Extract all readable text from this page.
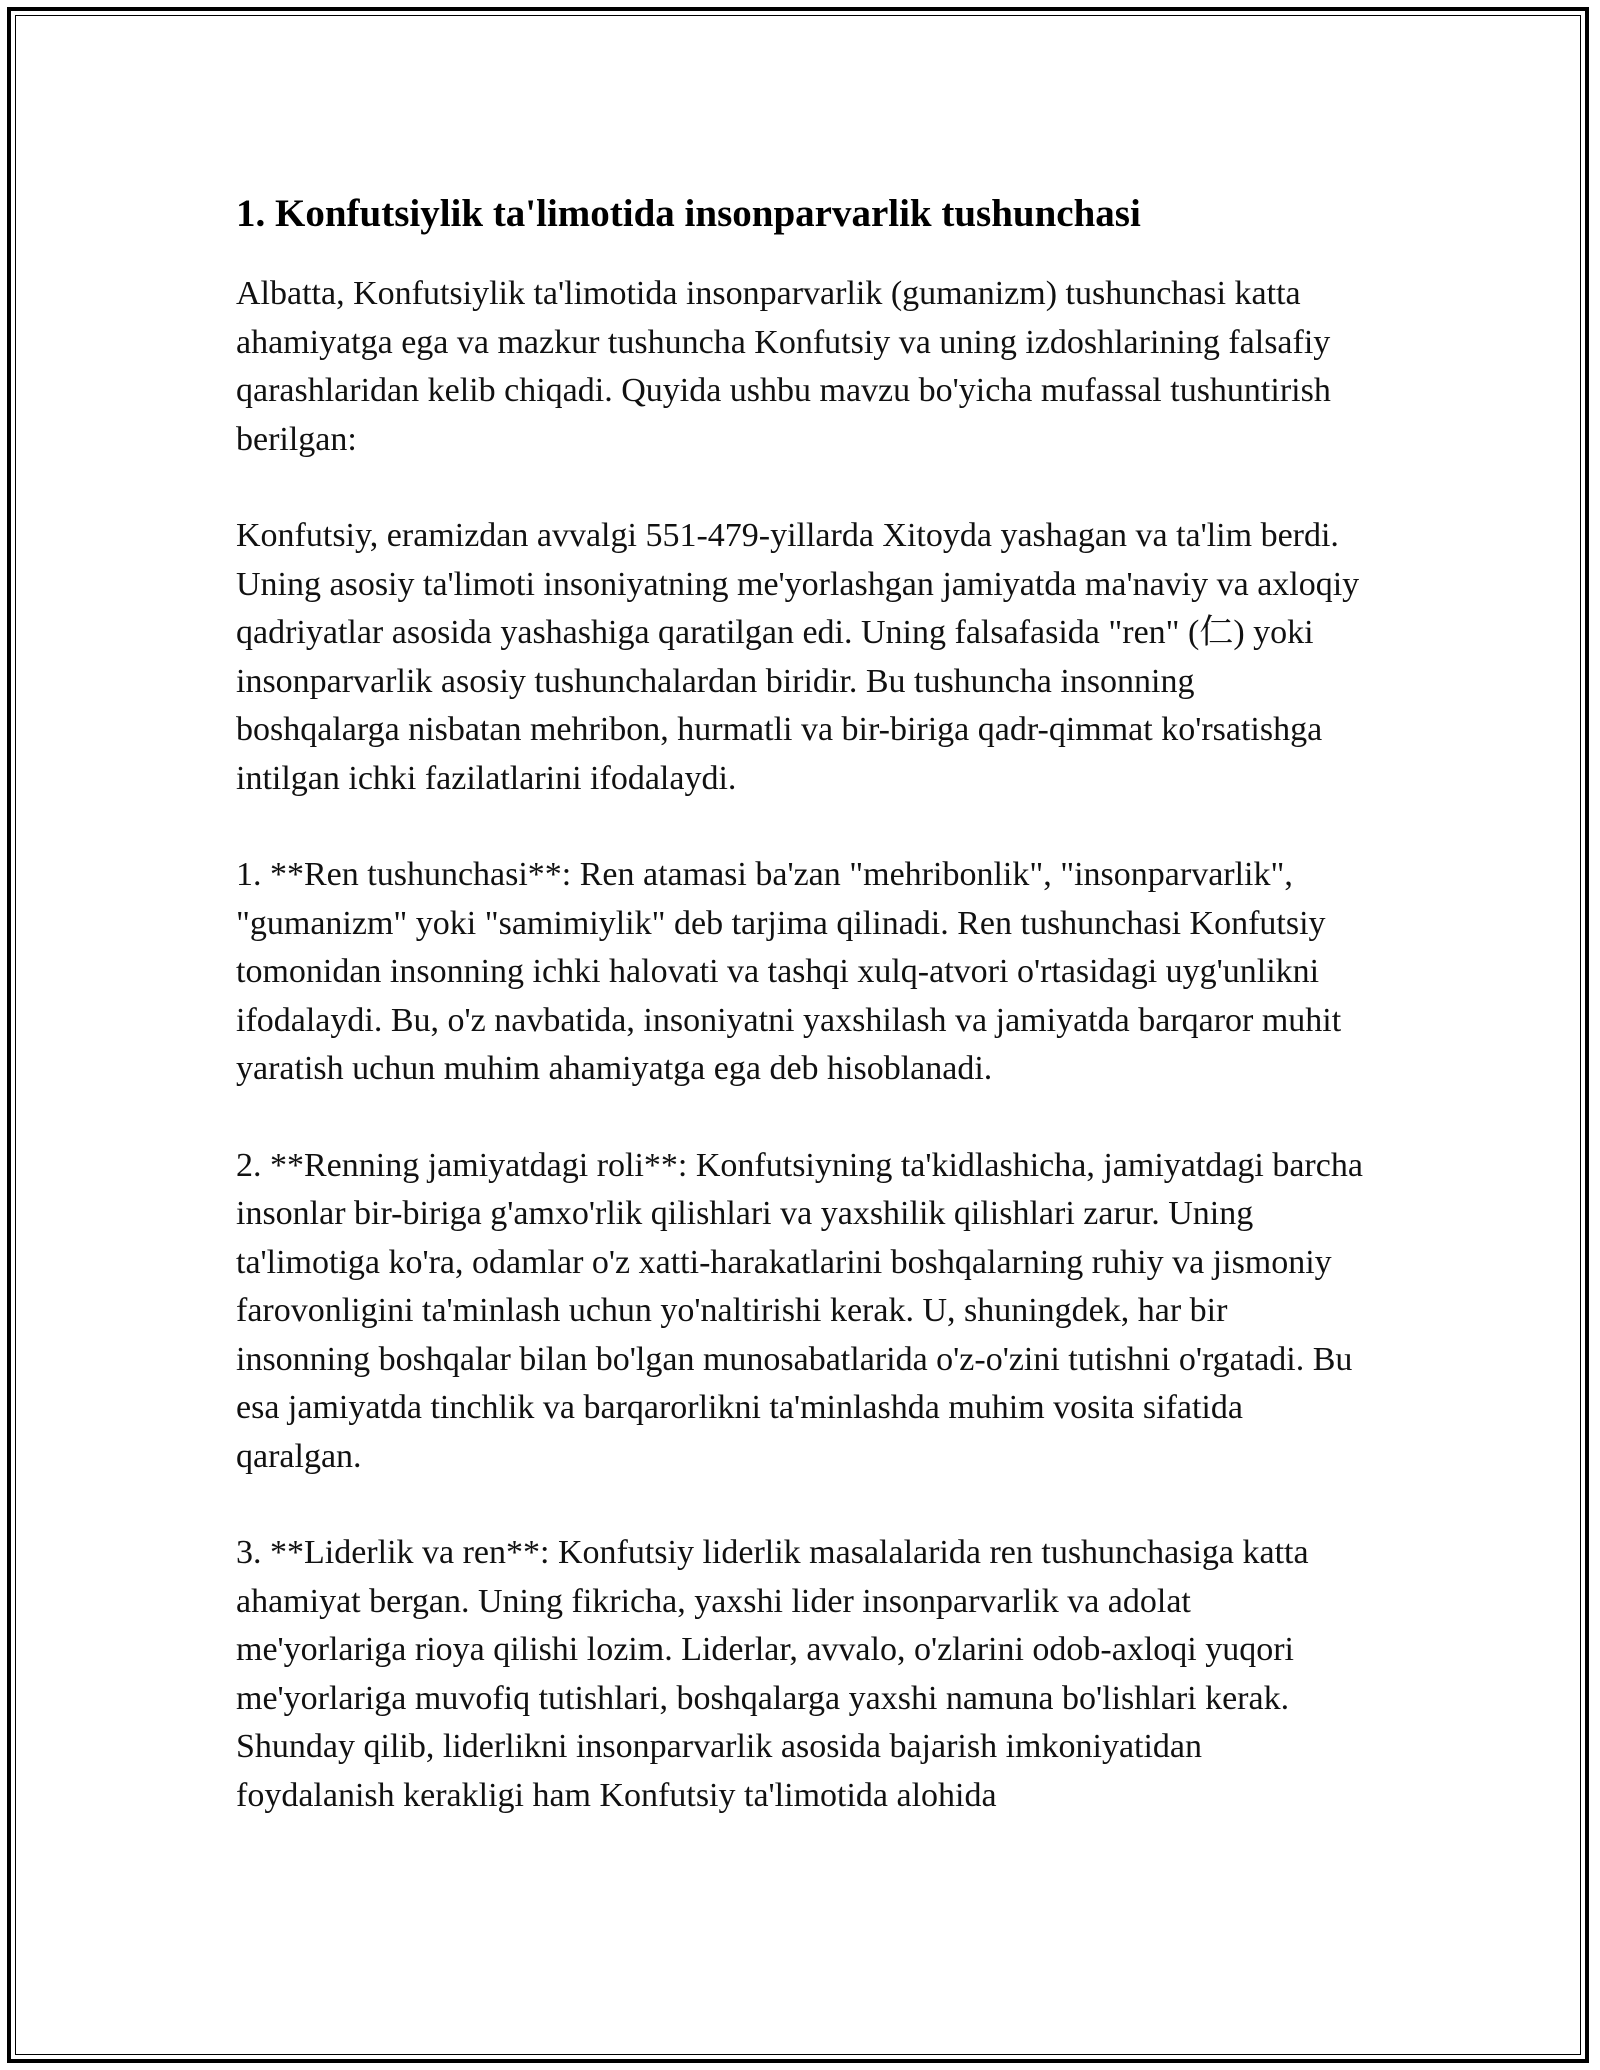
1. Konfutsiylik ta'limotida insonparvarlik tushunchasi

Albatta, Konfutsiylik ta'limotida insonparvarlik (gumanizm) tushunchasi katta ahamiyatga ega va mazkur tushuncha Konfutsiy va uning izdoshlarining falsafiy qarashlaridan kelib chiqadi. Quyida ushbu mavzu bo'yicha mufassal tushuntirish berilgan:

Konfutsiy, eramizdan avvalgi 551-479-yillarda Xitoyda yashagan va ta'lim berdi. Uning asosiy ta'limoti insoniyatning me'yorlashgan jamiyatda ma'naviy va axloqiy qadriyatlar asosida yashashiga qaratilgan edi. Uning falsafasida "ren" (仁) yoki insonparvarlik asosiy tushunchalardan biridir. Bu tushuncha insonning boshqalarga nisbatan mehribon, hurmatli va bir-biriga qadr-qimmat ko'rsatishga intilgan ichki fazilatlarini ifodalaydi.

1. **Ren tushunchasi**: Ren atamasi ba'zan "mehribonlik", "insonparvarlik", "gumanizm" yoki "samimiylik" deb tarjima qilinadi. Ren tushunchasi Konfutsiy tomonidan insonning ichki halovati va tashqi xulq-atvori o'rtasidagi uyg'unlikni ifodalaydi. Bu, o'z navbatida, insoniyatni yaxshilash va jamiyatda barqaror muhit yaratish uchun muhim ahamiyatga ega deb hisoblanadi.

2. **Renning jamiyatdagi roli**: Konfutsiyning ta'kidlashicha, jamiyatdagi barcha insonlar bir-biriga g'amxo'rlik qilishlari va yaxshilik qilishlari zarur. Uning ta'limotiga ko'ra, odamlar o'z xatti-harakatlarini boshqalarning ruhiy va jismoniy farovonligini ta'minlash uchun yo'naltirishi kerak. U, shuningdek, har bir insonning boshqalar bilan bo'lgan munosabatlarida o'z-o'zini tutishni o'rgatadi. Bu esa jamiyatda tinchlik va barqarorlikni ta'minlashda muhim vosita sifatida qaralgan.

3. **Liderlik va ren**: Konfutsiy liderlik masalalarida ren tushunchasiga katta ahamiyat bergan. Uning fikricha, yaxshi lider insonparvarlik va adolat me'yorlariga rioya qilishi lozim. Liderlar, avvalo, o'zlarini odob-axloqi yuqori me'yorlariga muvofiq tutishlari, boshqalarga yaxshi namuna bo'lishlari kerak. Shunday qilib, liderlikni insonparvarlik asosida bajarish imkoniyatidan foydalanish kerakligi ham Konfutsiy ta'limotida alohida
